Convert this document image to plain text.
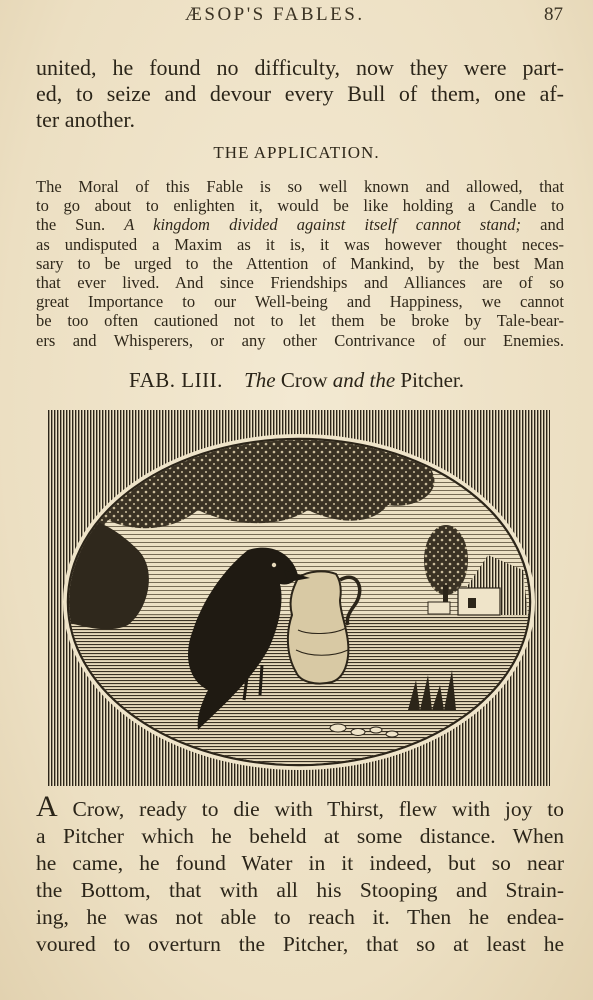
ÆSOP'S FABLES.	87
united, he found no difficulty, now they were part-
ed, to seize and devour every Bull of them, one af-
ter another.
THE APPLICATION.
The Moral of this Fable is so well known and allowed, that
to go about to enlighten it, would be like holding a Candle to
the Sun. A kingdom divided against itself cannot stand; and
as undisputed a Maxim as it is, it was however thought neces-
sary to be urged to the Attention of Mankind, by the best Man
that ever lived. And since Friendships and Alliances are of so
great Importance to our Well-being and Happiness, we cannot
be too often cautioned not to let them be broke by Tale-bear-
ers and Whisperers, or any other Contrivance of our Enemies.
FAB. LIII. The Crow and the Pitcher.
A Crow, ready to die with Thirst, flew with joy to
a Pitcher which he beheld at some distance. When
he came, he found Water in it indeed, but so near
the Bottom, that with all his Stooping and Strain-
ing, he was not able to reach it. Then he endea-
voured to overturn the Pitcher, that so at least he
